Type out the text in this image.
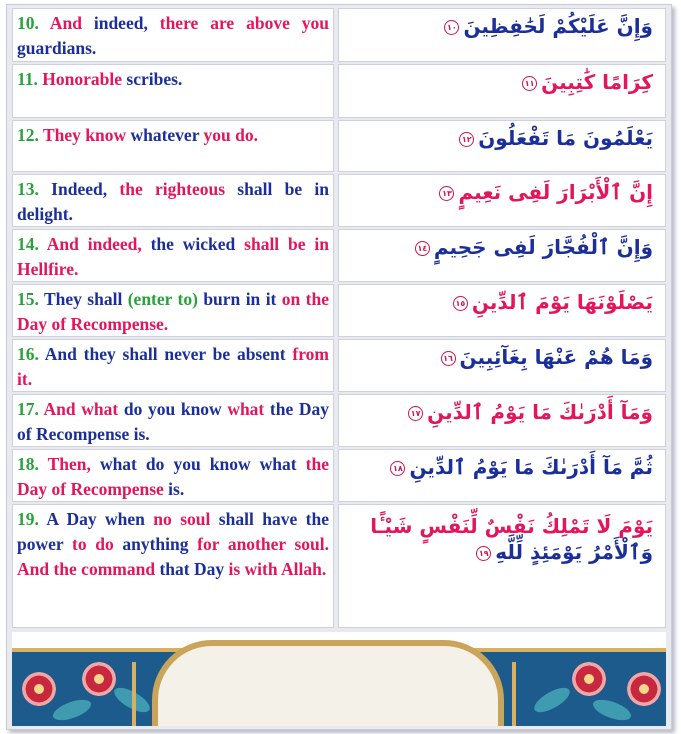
10. And indeed, there are above you guardians.

وَإِنَّ عَلَيْكُمْ لَحَٰفِظِينَ١٠

11. Honorable scribes.	كِرَامًا كَٰتِبِينَ١١

12. They know whatever you do.	يَعْلَمُونَ مَا تَفْعَلُونَ١٢

13. Indeed, the righteous shall be in delight.

إِنَّ ٱلْأَبْرَارَ لَفِى نَعِيمٍ١٣

14. And indeed, the wicked shall be in Hellfire.

وَإِنَّ ٱلْفُجَّارَ لَفِى جَحِيمٍ١٤

15. They shall (enter to) burn in it on the Day of Recompense.

يَصْلَوْنَهَا يَوْمَ ٱلدِّينِ١٥

16. And they shall never be absent from it.

وَمَا هُمْ عَنْهَا بِغَآئِبِينَ١٦

17. And what do you know what the Day of Recompense is.

وَمَآ أَدْرَىٰكَ مَا يَوْمُ ٱلدِّينِ١٧

18. Then, what do you know what the Day of Recompense is.

ثُمَّ مَآ أَدْرَىٰكَ مَا يَوْمُ ٱلدِّينِ١٨

19. A Day when no soul shall have the power to do anything for another soul. And the command that Day is with Allah.

يَوْمَ لَا تَمْلِكُ نَفْسٌ لِّنَفْسٍ شَيْـًٔا
وَٱلْأَمْرُ يَوْمَئِذٍ لِّلَّهِ١٩
